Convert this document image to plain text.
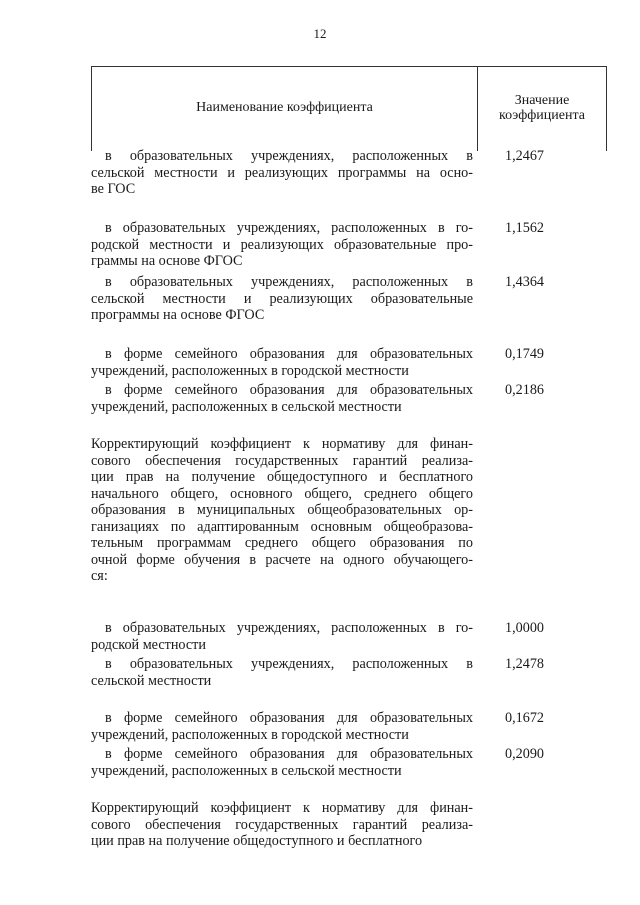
12
Наименование коэффициента	Значение
коэффициента
в образовательных учреждениях, расположенных в
сельской местности и реализующих программы на осно-
ве ГОС
1,2467
в образовательных учреждениях, расположенных в го-
родской местности и реализующих образовательные про-
граммы на основе ФГОС
1,1562
в образовательных учреждениях, расположенных в
сельской местности и реализующих образовательные
программы на основе ФГОС
1,4364
в форме семейного образования для образовательных
учреждений, расположенных в городской местности
0,1749
в форме семейного образования для образовательных
учреждений, расположенных в сельской местности
0,2186
Корректирующий коэффициент к нормативу для финан-
сового обеспечения государственных гарантий реализа-
ции прав на получение общедоступного и бесплатного
начального общего, основного общего, среднего общего
образования в муниципальных общеобразовательных ор-
ганизациях по адаптированным основным общеобразова-
тельным программам среднего общего образования по
очной форме обучения в расчете на одного обучающего-
ся:
в образовательных учреждениях, расположенных в го-
родской местности
1,0000
в образовательных учреждениях, расположенных в
сельской местности
1,2478
в форме семейного образования для образовательных
учреждений, расположенных в городской местности
0,1672
в форме семейного образования для образовательных
учреждений, расположенных в сельской местности
0,2090
Корректирующий коэффициент к нормативу для финан-
сового обеспечения государственных гарантий реализа-
ции прав на получение общедоступного и бесплатного
